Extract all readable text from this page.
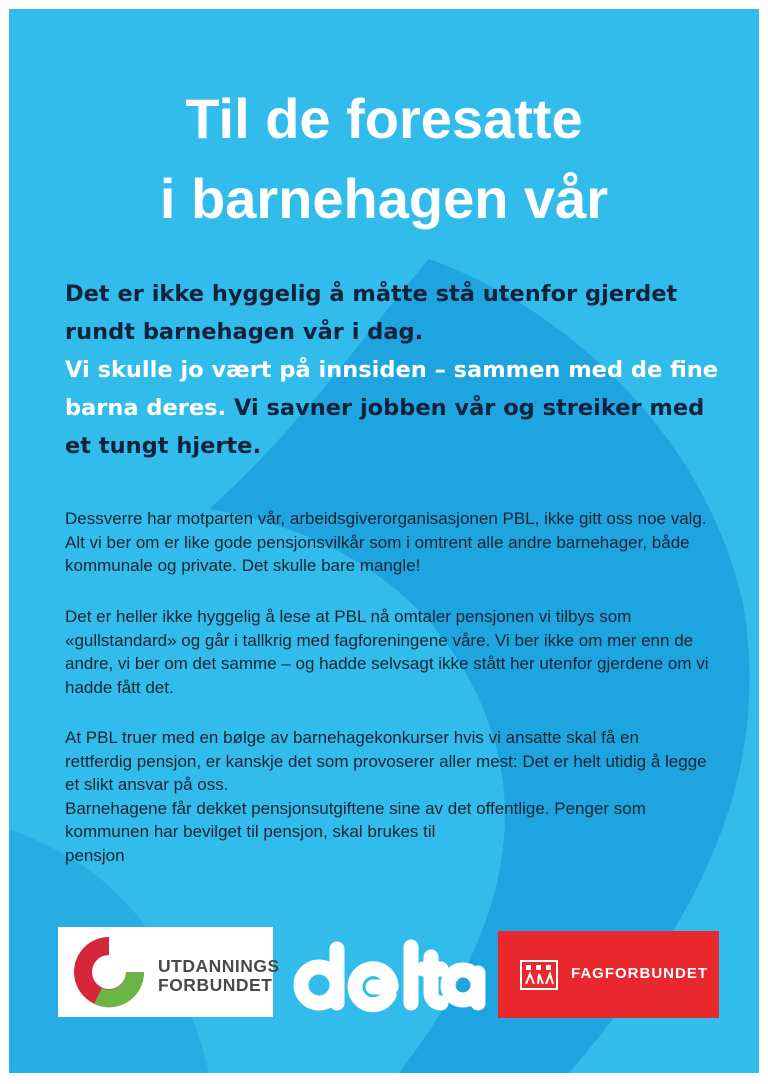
Til de foresatte
i barnehagen vår

Det er ikke hyggelig å måtte stå utenfor gjerdet rundt barnehagen vår i dag.
Vi skulle jo vært på innsiden – sammen med de fine barna deres. Vi savner jobben vår og streiker med et tungt hjerte.

Dessverre har motparten vår, arbeidsgiverorganisasjonen PBL, ikke gitt oss noe valg. Alt vi ber om er like gode pensjonsvilkår som i omtrent alle andre barnehager, både kommunale og private. Det skulle bare mangle!

Det er heller ikke hyggelig å lese at PBL nå omtaler pensjonen vi tilbys som «gullstandard» og går i tallkrig med fagforeningene våre. Vi ber ikke om mer enn de andre, vi ber om det samme – og hadde selvsagt ikke stått her utenfor gjerdene om vi hadde fått det.

At PBL truer med en bølge av barnehagekonkurser hvis vi ansatte skal få en rettferdig pensjon, er kanskje det som provoserer aller mest: Det er helt utidig å legge et slikt ansvar på oss.
Barnehagene får dekket pensjonsutgiftene sine av det offentlige. Penger som kommunen har bevilget til pensjon, skal brukes til
pensjon
UTDANNINGS
FORBUNDET
FAGFORBUNDET
